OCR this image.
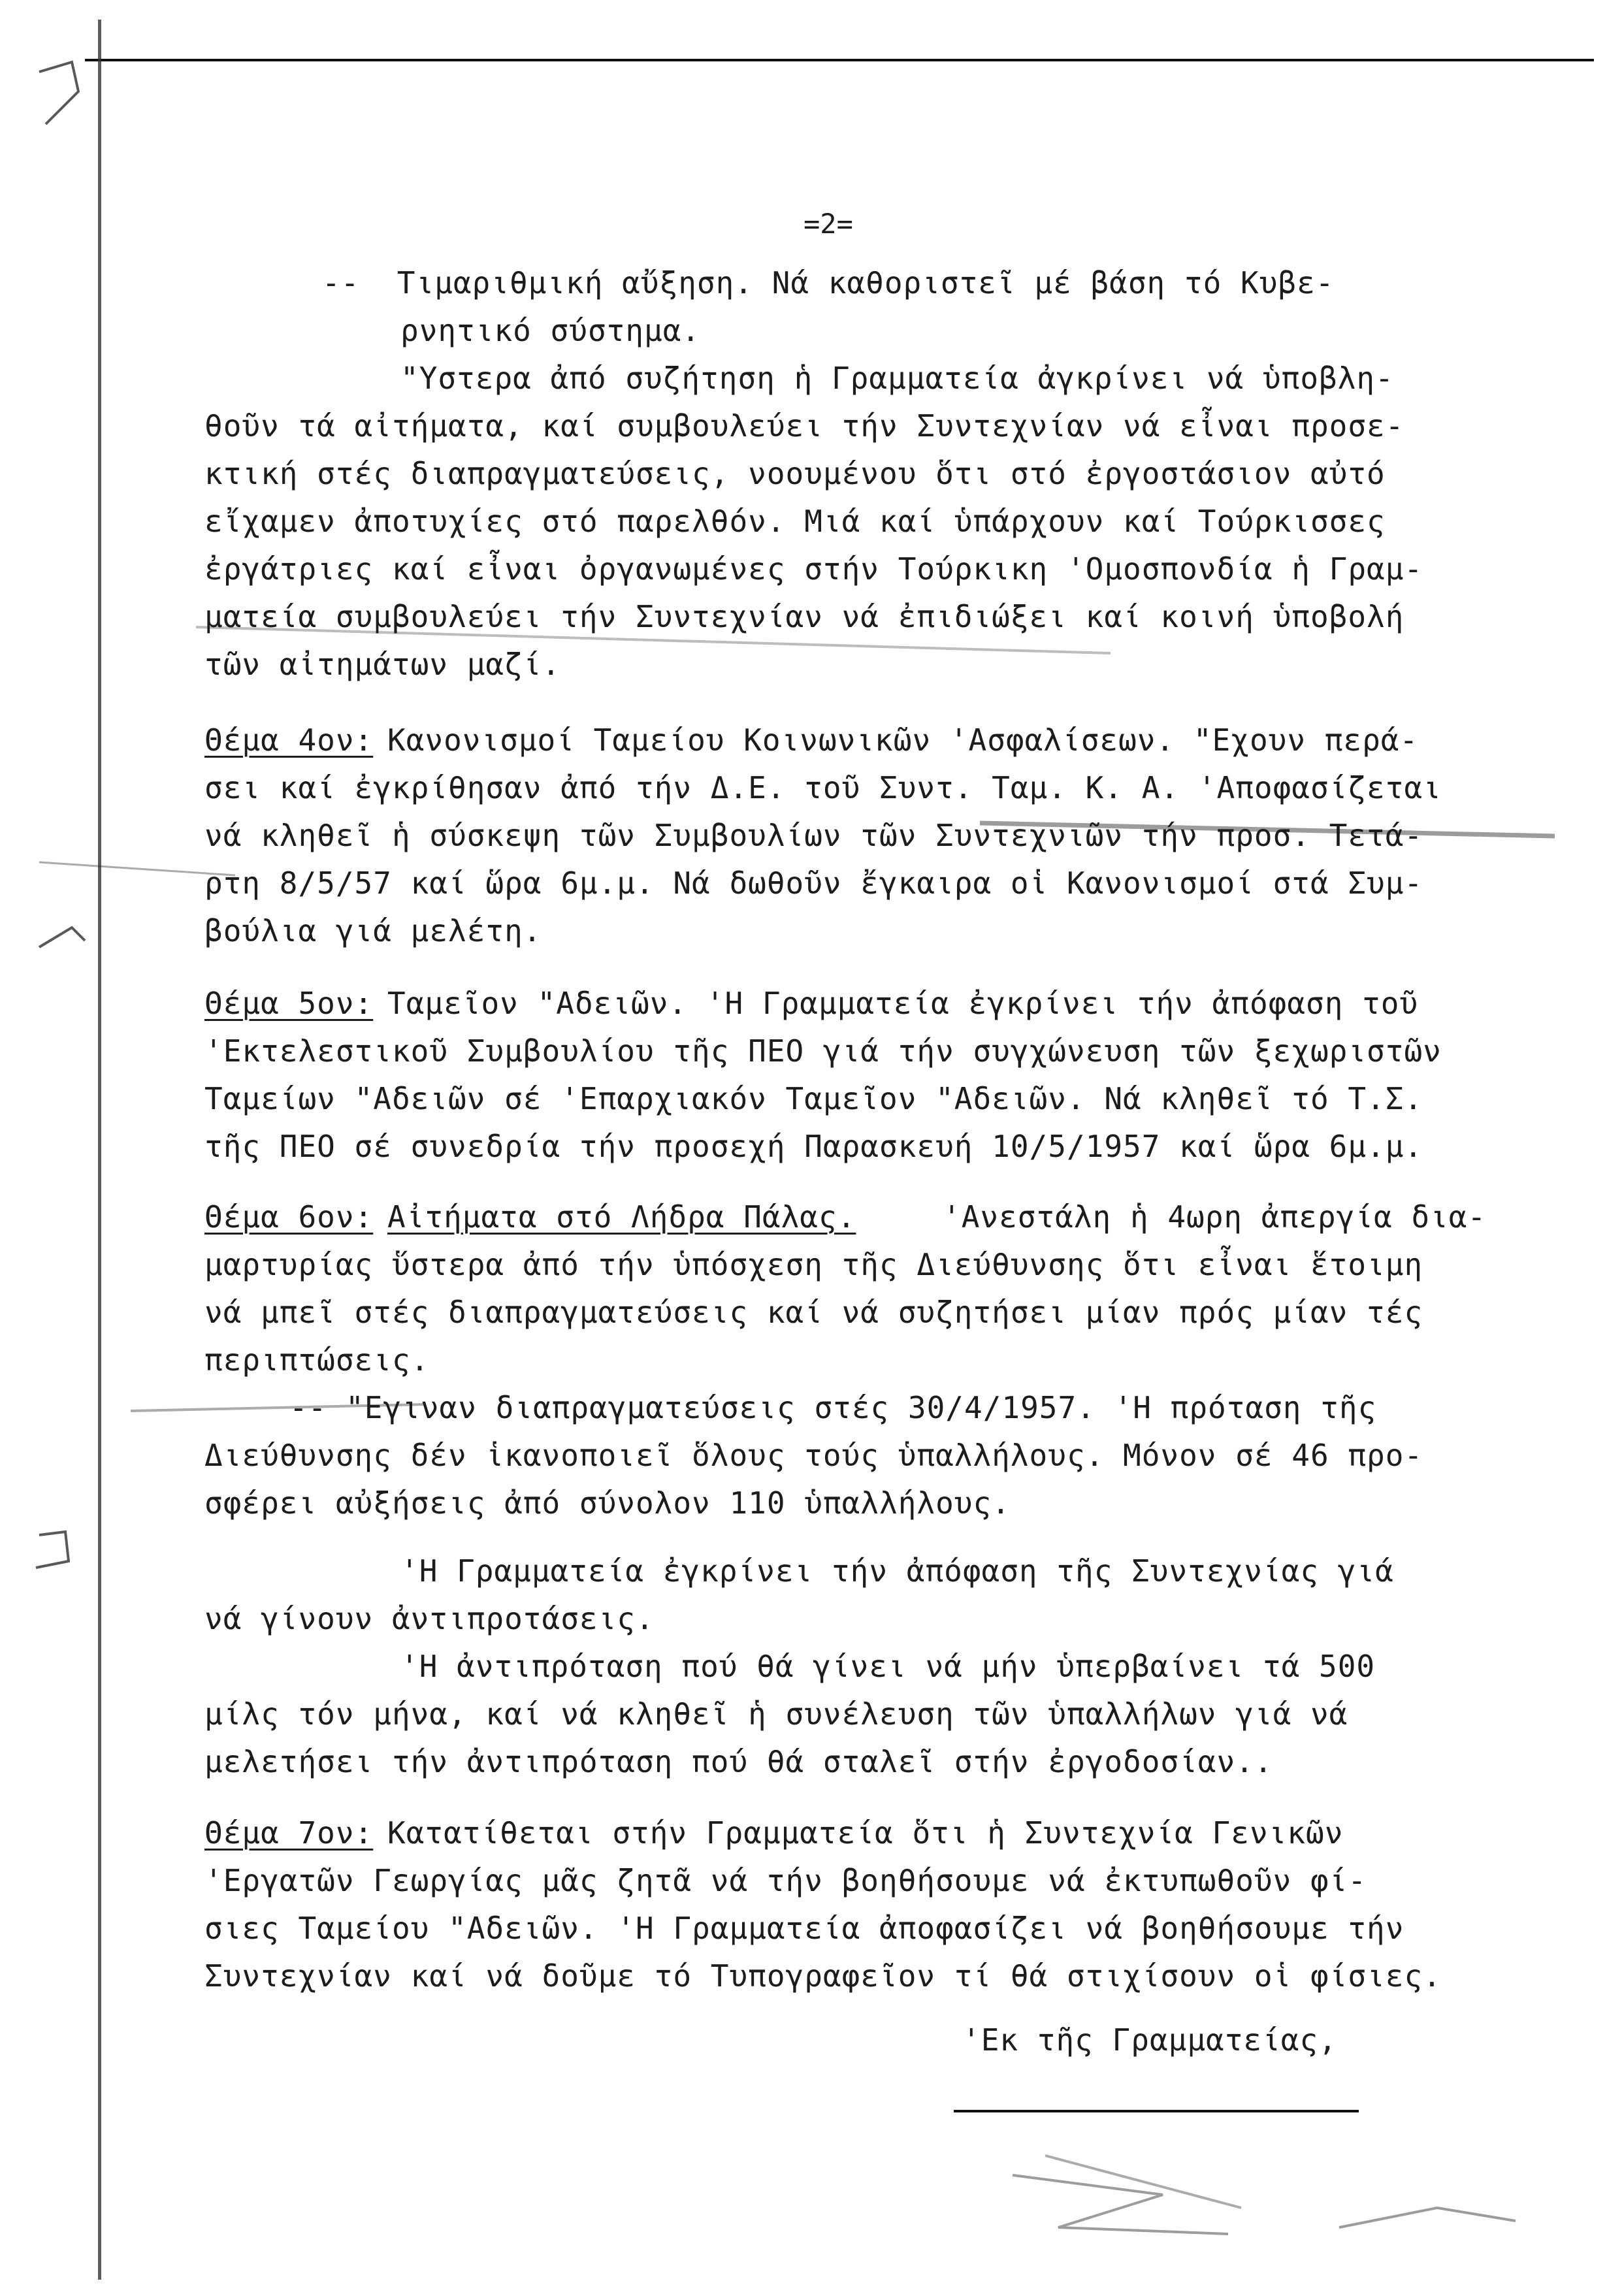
=2=
--  Τιμαριθμική αὔξηση. Νά καθοριστεῖ μέ βάση τό Κυβε-
ρνητικό σύστημα.
"Υστερα ἀπό συζήτηση ἡ Γραμματεία ἀγκρίνει νά ὑποβλη-
θοῦν τά αἰτήματα, καί συμβουλεύει τήν Συντεχνίαν νά εἶναι προσε-
κτική στές διαπραγματεύσεις, νοουμένου ὅτι στό ἐργοστάσιον αὐτό
εἴχαμεν ἀποτυχίες στό παρελθόν. Μιά καί ὑπάρχουν καί Τούρκισσες
ἐργάτριες καί εἶναι ὀργανωμένες στήν Τούρκικη 'Ομοσπονδία ἡ Γραμ-
ματεία συμβουλεύει τήν Συντεχνίαν νά ἐπιδιώξει καί κοινή ὑποβολή
τῶν αἰτημάτων μαζί.
Θέμα 4ον: Κανονισμοί Ταμείου Κοινωνικῶν 'Ασφαλίσεων. "Εχουν περά-
σει καί ἐγκρίθησαν ἀπό τήν Δ.Ε. τοῦ Συντ. Ταμ. Κ. Α. 'Αποφασίζεται
νά κληθεῖ ἡ σύσκεψη τῶν Συμβουλίων τῶν Συντεχνιῶν τήν προσ. Τετά-
ρτη 8/5/57 καί ὥρα 6μ.μ. Νά δωθοῦν ἔγκαιρα οἱ Κανονισμοί στά Συμ-
βούλια γιά μελέτη.
Θέμα 5ον: Ταμεῖον "Αδειῶν. 'Η Γραμματεία ἐγκρίνει τήν ἀπόφαση τοῦ
'Εκτελεστικοῦ Συμβουλίου τῆς ΠΕΟ γιά τήν συγχώνευση τῶν ξεχωριστῶν
Ταμείων "Αδειῶν σέ 'Επαρχιακόν Ταμεῖον "Αδειῶν. Νά κληθεῖ τό Τ.Σ.
τῆς ΠΕΟ σέ συνεδρία τήν προσεχή Παρασκευή 10/5/1957 καί ὥρα 6μ.μ.
Θέμα 6ον: Αἰτήματα στό Λήδρα Πάλας.	'Ανεστάλη ἡ 4ωρη ἀπεργία δια-
μαρτυρίας ὕστερα ἀπό τήν ὑπόσχεση τῆς Διεύθυνσης ὅτι εἶναι ἕτοιμη
νά μπεῖ στές διαπραγματεύσεις καί νά συζητήσει μίαν πρός μίαν τές
περιπτώσεις.
-- "Εγιναν διαπραγματεύσεις στές 30/4/1957. 'Η πρόταση τῆς
Διεύθυνσης δέν ἱκανοποιεῖ ὅλους τούς ὑπαλλήλους. Μόνον σέ 46 προ-
σφέρει αὐξήσεις ἀπό σύνολον 110 ὑπαλλήλους.
'Η Γραμματεία ἐγκρίνει τήν ἀπόφαση τῆς Συντεχνίας γιά
νά γίνουν ἀντιπροτάσεις.
'Η ἀντιπρόταση πού θά γίνει νά μήν ὑπερβαίνει τά 500
μίλς τόν μήνα, καί νά κληθεῖ ἡ συνέλευση τῶν ὑπαλλήλων γιά νά
μελετήσει τήν ἀντιπρόταση πού θά σταλεῖ στήν ἐργοδοσίαν..
Θέμα 7ον: Κατατίθεται στήν Γραμματεία ὅτι ἡ Συντεχνία Γενικῶν
'Εργατῶν Γεωργίας μᾶς ζητᾶ νά τήν βοηθήσουμε νά ἐκτυπωθοῦν φί-
σιες Ταμείου "Αδειῶν. 'Η Γραμματεία ἀποφασίζει νά βοηθήσουμε τήν
Συντεχνίαν καί νά δοῦμε τό Τυπογραφεῖον τί θά στιχίσουν οἱ φίσιες.
'Εκ τῆς Γραμματείας,
